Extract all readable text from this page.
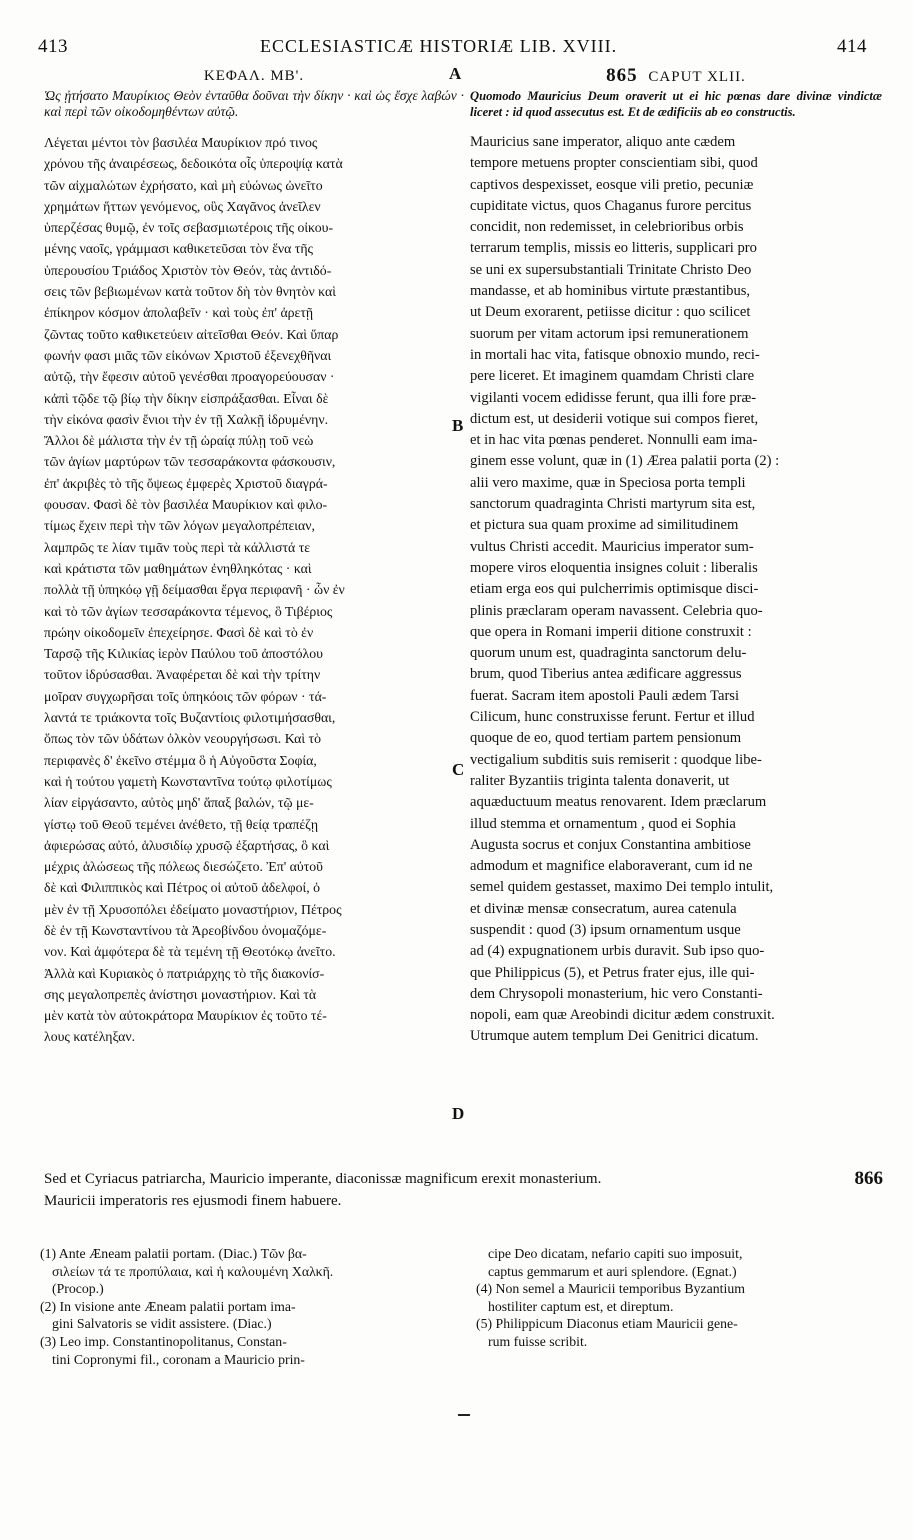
413	ECCLESIASTICÆ HISTORIÆ LIB. XVIII.	414
A
B
C
D
ΚΕΦΑΛ. ΜΒ'.
Ὡς ᾐτήσατο Μαυρίκιος Θεὸν ἐνταῦθα δοῦναι τὴν δίκην · καὶ ὡς ἔσχε λαβών · καὶ περὶ τῶν οἰκοδομηθέντων αὐτῷ.
Λέγεται μέντοι τὸν βασιλέα Μαυρίκιον πρό τινος
χρόνου τῆς ἀναιρέσεως, δεδοικότα οἷς ὑπεροψίᾳ κατὰ
τῶν αἰχμαλώτων ἐχρήσατο, καὶ μὴ εὐώνως ὠνεῖτο
χρημάτων ἥττων γενόμενος, οὓς Χαγᾶνος ἀνεῖλεν
ὑπερζέσας θυμῷ, ἐν τοῖς σεβασμιωτέροις τῆς οἰκου-
μένης ναοῖς, γράμμασι καθικετεῦσαι τὸν ἕνα τῆς
ὑπερουσίου Τριάδος Χριστὸν τὸν Θεόν, τὰς ἀντιδό-
σεις τῶν βεβιωμένων κατὰ τοῦτον δὴ τὸν θνητὸν καὶ
ἐπίκηρον κόσμον ἀπολαβεῖν · καὶ τοὺς ἐπ' ἀρετῇ
ζῶντας τοῦτο καθικετεύειν αἰτεῖσθαι Θεόν. Καὶ ὕπαρ
φωνήν φασι μιᾶς τῶν εἰκόνων Χριστοῦ ἐξενεχθῆναι
αὐτῷ, τὴν ἔφεσιν αὐτοῦ γενέσθαι προαγορεύουσαν ·
κἀπὶ τῷδε τῷ βίῳ τὴν δίκην εἰσπράξασθαι. Εἶναι δὲ
τὴν εἰκόνα φασὶν ἔνιοι τὴν ἐν τῇ Χαλκῇ ἱδρυμένην.
Ἄλλοι δὲ μάλιστα τὴν ἐν τῇ ὡραίᾳ πύλῃ τοῦ νεὼ
τῶν ἁγίων μαρτύρων τῶν τεσσαράκοντα φάσκουσιν,
ἐπ' ἀκριβὲς τὸ τῆς ὄψεως ἐμφερὲς Χριστοῦ διαγρά-
φουσαν. Φασὶ δὲ τὸν βασιλέα Μαυρίκιον καὶ φιλο-
τίμως ἔχειν περὶ τὴν τῶν λόγων μεγαλοπρέπειαν,
λαμπρῶς τε λίαν τιμᾶν τοὺς περὶ τὰ κάλλιστά τε
καὶ κράτιστα τῶν μαθημάτων ἐνηθληκότας · καὶ
πολλὰ τῇ ὑπηκόῳ γῇ δείμασθαι ἔργα περιφανῆ · ὧν ἐν
καὶ τὸ τῶν ἁγίων τεσσαράκοντα τέμενος, ὃ Τιβέριος
πρώην οἰκοδομεῖν ἐπεχείρησε. Φασὶ δὲ καὶ τὸ ἐν
Ταρσῷ τῆς Κιλικίας ἱερὸν Παύλου τοῦ ἀποστόλου
τοῦτον ἱδρύσασθαι. Ἀναφέρεται δὲ καὶ τὴν τρίτην
μοῖραν συγχωρῆσαι τοῖς ὑπηκόοις τῶν φόρων · τά-
λαντά τε τριάκοντα τοῖς Βυζαντίοις φιλοτιμήσασθαι,
ὅπως τὸν τῶν ὑδάτων ὁλκὸν νεουργήσωσι. Καὶ τὸ
περιφανὲς δ' ἐκεῖνο στέμμα ὃ ἡ Αὐγοῦστα Σοφία,
καὶ ἡ τούτου γαμετὴ Κωνσταντῖνα τούτῳ φιλοτίμως
λίαν εἰργάσαντο, αὐτὸς μηδ' ἅπαξ βαλών, τῷ με-
γίστῳ τοῦ Θεοῦ τεμένει ἀνέθετο, τῇ θείᾳ τραπέζῃ
ἀφιερώσας αὐτό, ἁλυσιδίῳ χρυσῷ ἐξαρτήσας, ὃ καὶ
μέχρις ἁλώσεως τῆς πόλεως διεσώζετο. Ἐπ' αὐτοῦ
δὲ καὶ Φιλιππικὸς καὶ Πέτρος οἱ αὐτοῦ ἀδελφοί, ὁ
μὲν ἐν τῇ Χρυσοπόλει ἐδείματο μοναστήριον, Πέτρος
δὲ ἐν τῇ Κωνσταντίνου τὰ Ἀρεοβίνδου ὀνομαζόμε-
νον. Καὶ ἀμφότερα δὲ τὰ τεμένη τῇ Θεοτόκῳ ἀνεῖτο.
Ἀλλὰ καὶ Κυριακὸς ὁ πατριάρχης τὸ τῆς διακονίσ-
σης μεγαλοπρεπὲς ἀνίστησι μοναστήριον. Καὶ τὰ
μὲν κατὰ τὸν αὐτοκράτορα Μαυρίκιον ἐς τοῦτο τέ-
λους κατέληξαν.
865 CAPUT XLII.
Quomodo Mauricius Deum oraverit ut ei hic pœnas dare divinæ vindictæ liceret : id quod assecutus est. Et de ædificiis ab eo constructis.
Mauricius sane imperator, aliquo ante cædem
tempore metuens propter conscientiam sibi, quod
captivos despexisset, eosque vili pretio, pecuniæ
cupiditate victus, quos Chaganus furore percitus
concidit, non redemisset, in celebrioribus orbis
terrarum templis, missis eo litteris, supplicari pro
se uni ex supersubstantiali Trinitate Christo Deo
mandasse, et ab hominibus virtute præstantibus,
ut Deum exorarent, petiisse dicitur : quo scilicet
suorum per vitam actorum ipsi remunerationem
in mortali hac vita, fatisque obnoxio mundo, reci-
pere liceret. Et imaginem quamdam Christi clare
vigilanti vocem edidisse ferunt, qua illi fore præ-
dictum est, ut desiderii votique sui compos fieret,
et in hac vita pœnas penderet. Nonnulli eam ima-
ginem esse volunt, quæ in (1) Ærea palatii porta (2) :
alii vero maxime, quæ in Speciosa porta templi
sanctorum quadraginta Christi martyrum sita est,
et pictura sua quam proxime ad similitudinem
vultus Christi accedit. Mauricius imperator sum-
mopere viros eloquentia insignes coluit : liberalis
etiam erga eos qui pulcherrimis optimisque disci-
plinis præclaram operam navassent. Celebria quo-
que opera in Romani imperii ditione construxit :
quorum unum est, quadraginta sanctorum delu-
brum, quod Tiberius antea ædificare aggressus
fuerat. Sacram item apostoli Pauli ædem Tarsi
Cilicum, hunc construxisse ferunt. Fertur et illud
quoque de eo, quod tertiam partem pensionum
vectigalium subditis suis remiserit : quodque libe-
raliter Byzantiis triginta talenta donaverit, ut
aquæductuum meatus renovarent. Idem præclarum
illud stemma et ornamentum , quod ei Sophia
Augusta socrus et conjux Constantina ambitiose
admodum et magnifice elaboraverant, cum id ne
semel quidem gestasset, maximo Dei templo intulit,
et divinæ mensæ consecratum, aurea catenula
suspendit : quod (3) ipsum ornamentum usque
ad (4) expugnationem urbis duravit. Sub ipso quo-
que Philippicus (5), et Petrus frater ejus, ille qui-
dem Chrysopoli monasterium, hic vero Constanti-
nopoli, eam quæ Areobindi dicitur ædem construxit.
Utrumque autem templum Dei Genitrici dicatum.
Sed et Cyriacus patriarcha, Mauricio imperante, diaconissæ magnificum erexit monasterium.
Mauricii imperatoris res ejusmodi finem habuere.
866
(1) Ante Æneam palatii portam. (Diac.) Τῶν βα-
σιλείων τά τε προπύλαια, καὶ ἡ καλουμένη Χαλκῆ.
(Procop.)
(2) In visione ante Æneam palatii portam ima-
gini Salvatoris se vidit assistere. (Diac.)
(3) Leo imp. Constantinopolitanus, Constan-
tini Copronymi fil., coronam a Mauricio prin-
cipe Deo dicatam, nefario capiti suo imposuit,
captus gemmarum et auri splendore. (Egnat.)
(4) Non semel a Mauricii temporibus Byzantium
hostiliter captum est, et direptum.
(5) Philippicum Diaconus etiam Mauricii gene-
rum fuisse scribit.
